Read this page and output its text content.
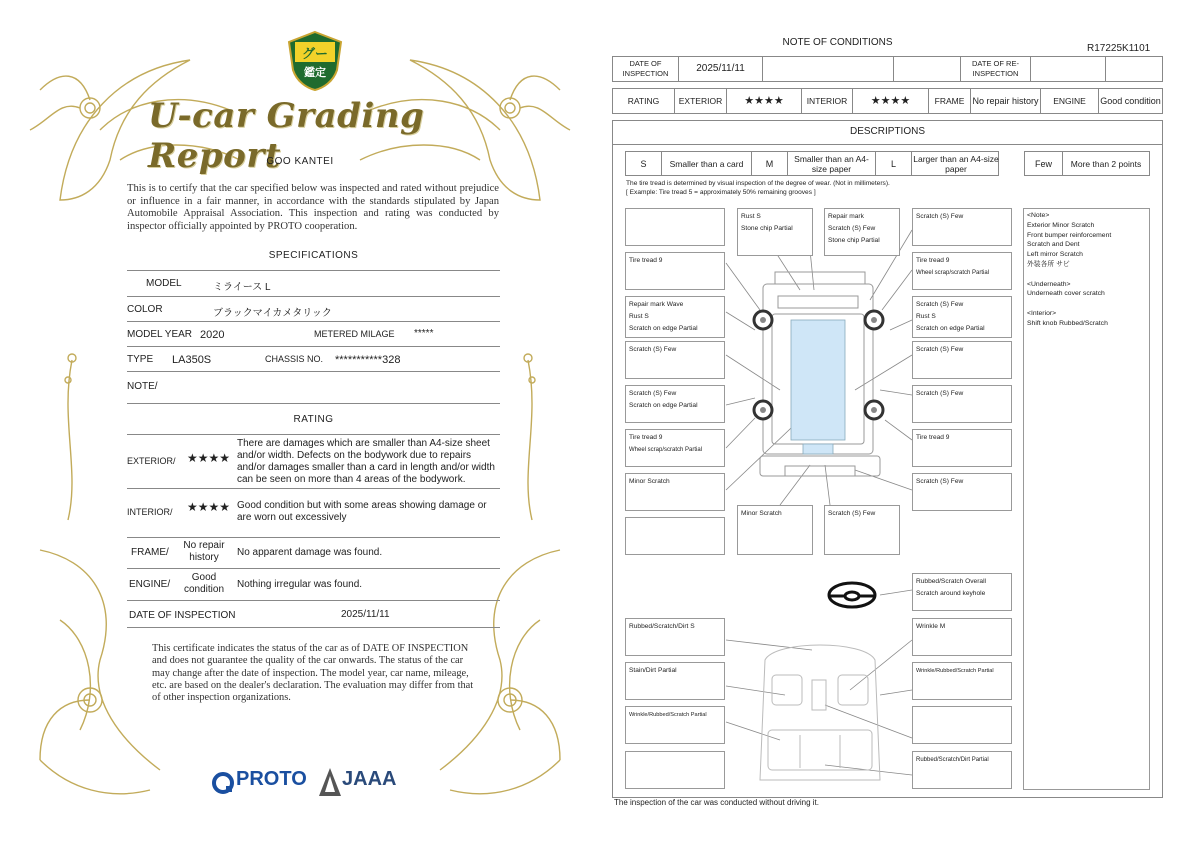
グー
鑑定
U-car Grading Report
GOO KANTEI
This is to certify that the car specified below was inspected and rated without prejudice or influence in a fair manner, in accordance with the standards stipulated by Japan Automobile Appraisal Association. This inspection and rating was conducted by inspector officially appointed by PROTO cooperation.
SPECIFICATIONS
MODEL	ミライース L
COLOR	ブラックマイカメタリック
MODEL YEAR 2020	METERED MILAGE *****
TYPE LA350S	CHASSIS NO. ***********328
NOTE/
RATING
EXTERIOR/ ★★★★
There are damages which are smaller than A4-size sheet and/or width. Defects on the bodywork due to repairs and/or damages smaller than a card in length and/or width can be seen on more than 4 areas of the bodywork.
INTERIOR/ ★★★★ Good condition but with some areas showing damage or are worn out excessively
FRAME/
No repair history	No apparent damage was found.
ENGINE/
Good condition Nothing irregular was found.
DATE OF INSPECTION	2025/11/11
This certificate indicates the status of the car as of DATE OF INSPECTION and does not guarantee the quality of the car onwards. The status of the car may change after the date of inspection. The model year, car name, mileage, etc. are based on the dealer's declaration. The evaluation may differ from that of other inspection organizations.
PROTO JAAA
NOTE OF CONDITIONS
R17225K1101
DATE OF INSPECTION	2025/11/11	DATE OF RE-INSPECTION
RATING	EXTERIOR	★★★★	INTERIOR	★★★★	FRAME No repair history	ENGINE	Good condition
DESCRIPTIONS
S	Smaller than a card	M	Smaller than an A4-size paper	L	Larger than an A4-size paper	Few	More than 2 points
The tire tread is determined by visual inspection of the degree of wear. (Not in millimeters).
[ Example: Tire tread 5 = approximately 50% remaining grooves ]
Rust S
Stone chip Partial
Repair mark
Scratch (S) Few
Stone chip Partial
Scratch (S) Few
Tire tread 9	Tire tread 9
Wheel scrap/scratch Partial
Repair mark Wave
Rust S
Scratch on edge Partial
Scratch (S) Few
Rust S
Scratch on edge Partial
Scratch (S) Few	Scratch (S) Few
Scratch (S) Few
Scratch on edge Partial
Scratch (S) Few
Tire tread 9
Wheel scrap/scratch Partial
Tire tread 9
Minor Scratch	Scratch (S) Few
Minor Scratch	Scratch (S) Few
<Note>
Exterior Minor Scratch
Front bumper reinforcement
Scratch and Dent
Left mirror Scratch
外装各所 サビ
<Underneath>
Underneath cover scratch
<Interior>
Shift knob Rubbed/Scratch
Rubbed/Scratch Overall
Scratch around keyhole
Rubbed/Scratch/Dirt S	Wrinkle M
Stain/Dirt Partial	Wrinkle/Rubbed/Scratch Partial
Wrinkle/Rubbed/Scratch Partial
Rubbed/Scratch/Dirt Partial
The inspection of the car was conducted without driving it.
